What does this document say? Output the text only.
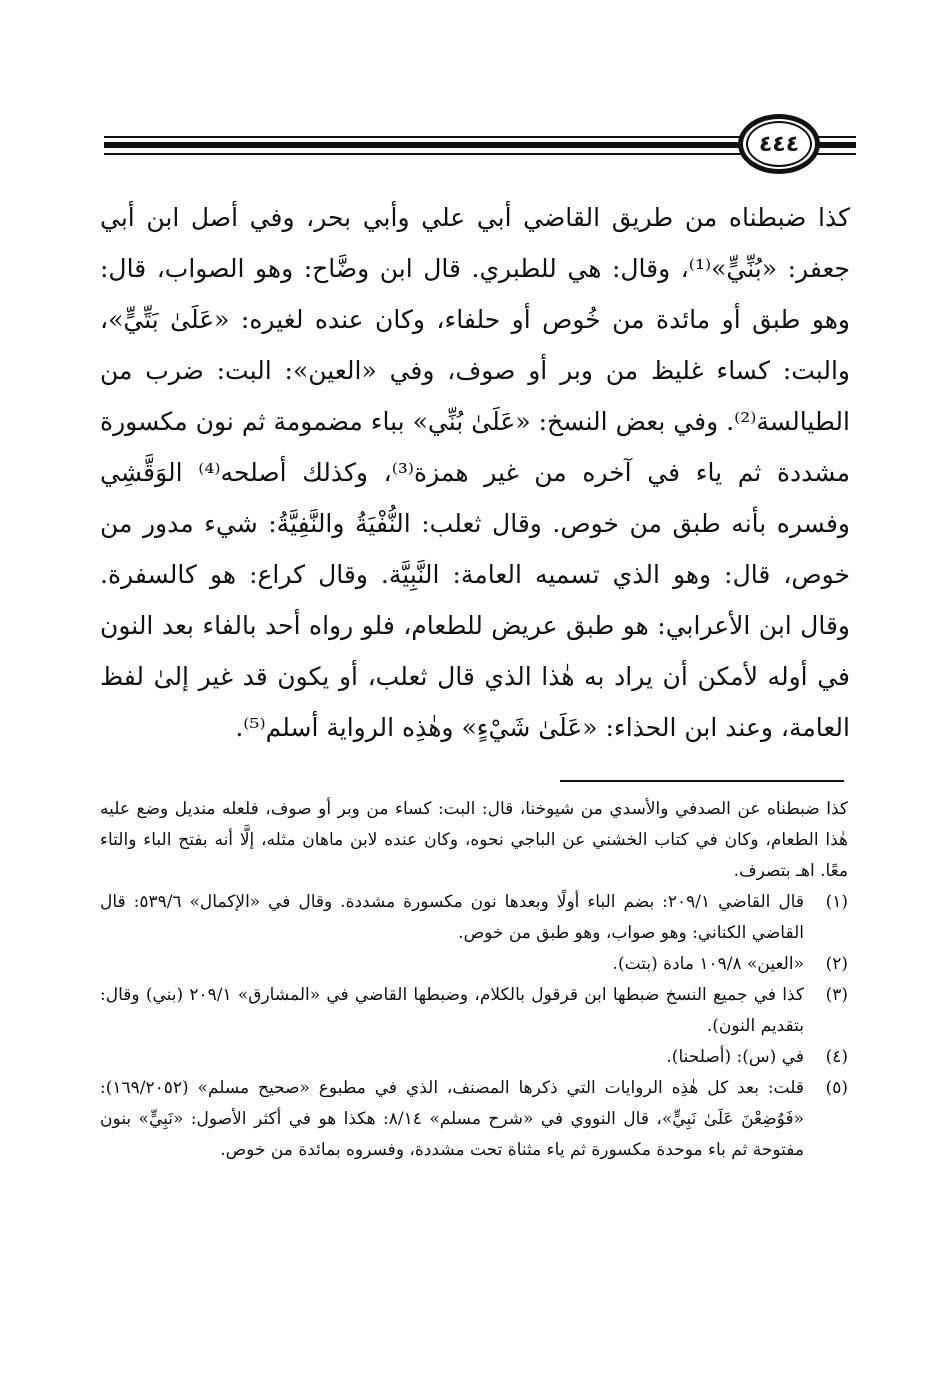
٤٤٤

كذا ضبطناه من طريق القاضي أبي علي وأبي بحر، وفي أصل ابن أبي جعفر: «بُنِّيٍّ»⁽¹⁾، وقال: هي للطبري. قال ابن وضَّاح: وهو الصواب، قال: وهو طبق أو مائدة من خُوص أو حلفاء، وكان عنده لغيره: «عَلَىٰ بَتِّيٍّ»، والبت: كساء غليظ من وبر أو صوف، وفي «العين»: البت: ضرب من الطيالسة⁽²⁾. وفي بعض النسخ: «عَلَىٰ بُنِّي» بباء مضمومة ثم نون مكسورة مشددة ثم ياء في آخره من غير همزة⁽³⁾، وكذلك أصلحه⁽⁴⁾ الوَقَّشِي وفسره بأنه طبق من خوص. وقال ثعلب: النُّفْيَةُ والنَّفِيَّةُ: شيء مدور من خوص، قال: وهو الذي تسميه العامة: النَّبِيَّة. وقال كراع: هو كالسفرة. وقال ابن الأعرابي: هو طبق عريض للطعام، فلو رواه أحد بالفاء بعد النون في أوله لأمكن أن يراد به هٰذا الذي قال ثعلب، أو يكون قد غير إلىٰ لفظ العامة، وعند ابن الحذاء: «عَلَىٰ شَيْءٍ» وهٰذِه الرواية أسلم⁽⁵⁾.

كذا ضبطناه عن الصدفي والأسدي من شيوخنا، قال: البت: كساء من وبر أو صوف، فلعله منديل وضع عليه هٰذا الطعام، وكان في كتاب الخشني عن الباجي نحوه، وكان عنده لابن ماهان مثله، إلَّا أنه بفتح الباء والتاء معًا. اهـ بتصرف.

(١)
قال القاضي ٢٠٩/١: بضم الباء أولًا وبعدها نون مكسورة مشددة. وقال في «الإكمال» ٥٣٩/٦: قال القاضي الكناني: وهو صواب، وهو طبق من خوص.
(٢)
«العين» ١٠٩/٨ مادة (بتت).
(٣)
كذا في جميع النسخ ضبطها ابن قرقول بالكلام، وضبطها القاضي في «المشارق» ٢٠٩/١ (بني) وقال: بتقديم النون).
(٤)
في (س): (أصلحنا).
(٥)
قلت: بعد كل هٰذِه الروايات التي ذكرها المصنف، الذي في مطبوع «صحيح مسلم» (١٦٩/٢٠٥٢): «فَوُضِعْنَ عَلَىٰ نَبِيٍّ»، قال النووي في «شرح مسلم» ٨/١٤: هكذا هو في أكثر الأصول: «نَبِيٍّ» بنون مفتوحة ثم باء موحدة مكسورة ثم ياء مثناة تحت مشددة، وفسروه بمائدة من خوص.
